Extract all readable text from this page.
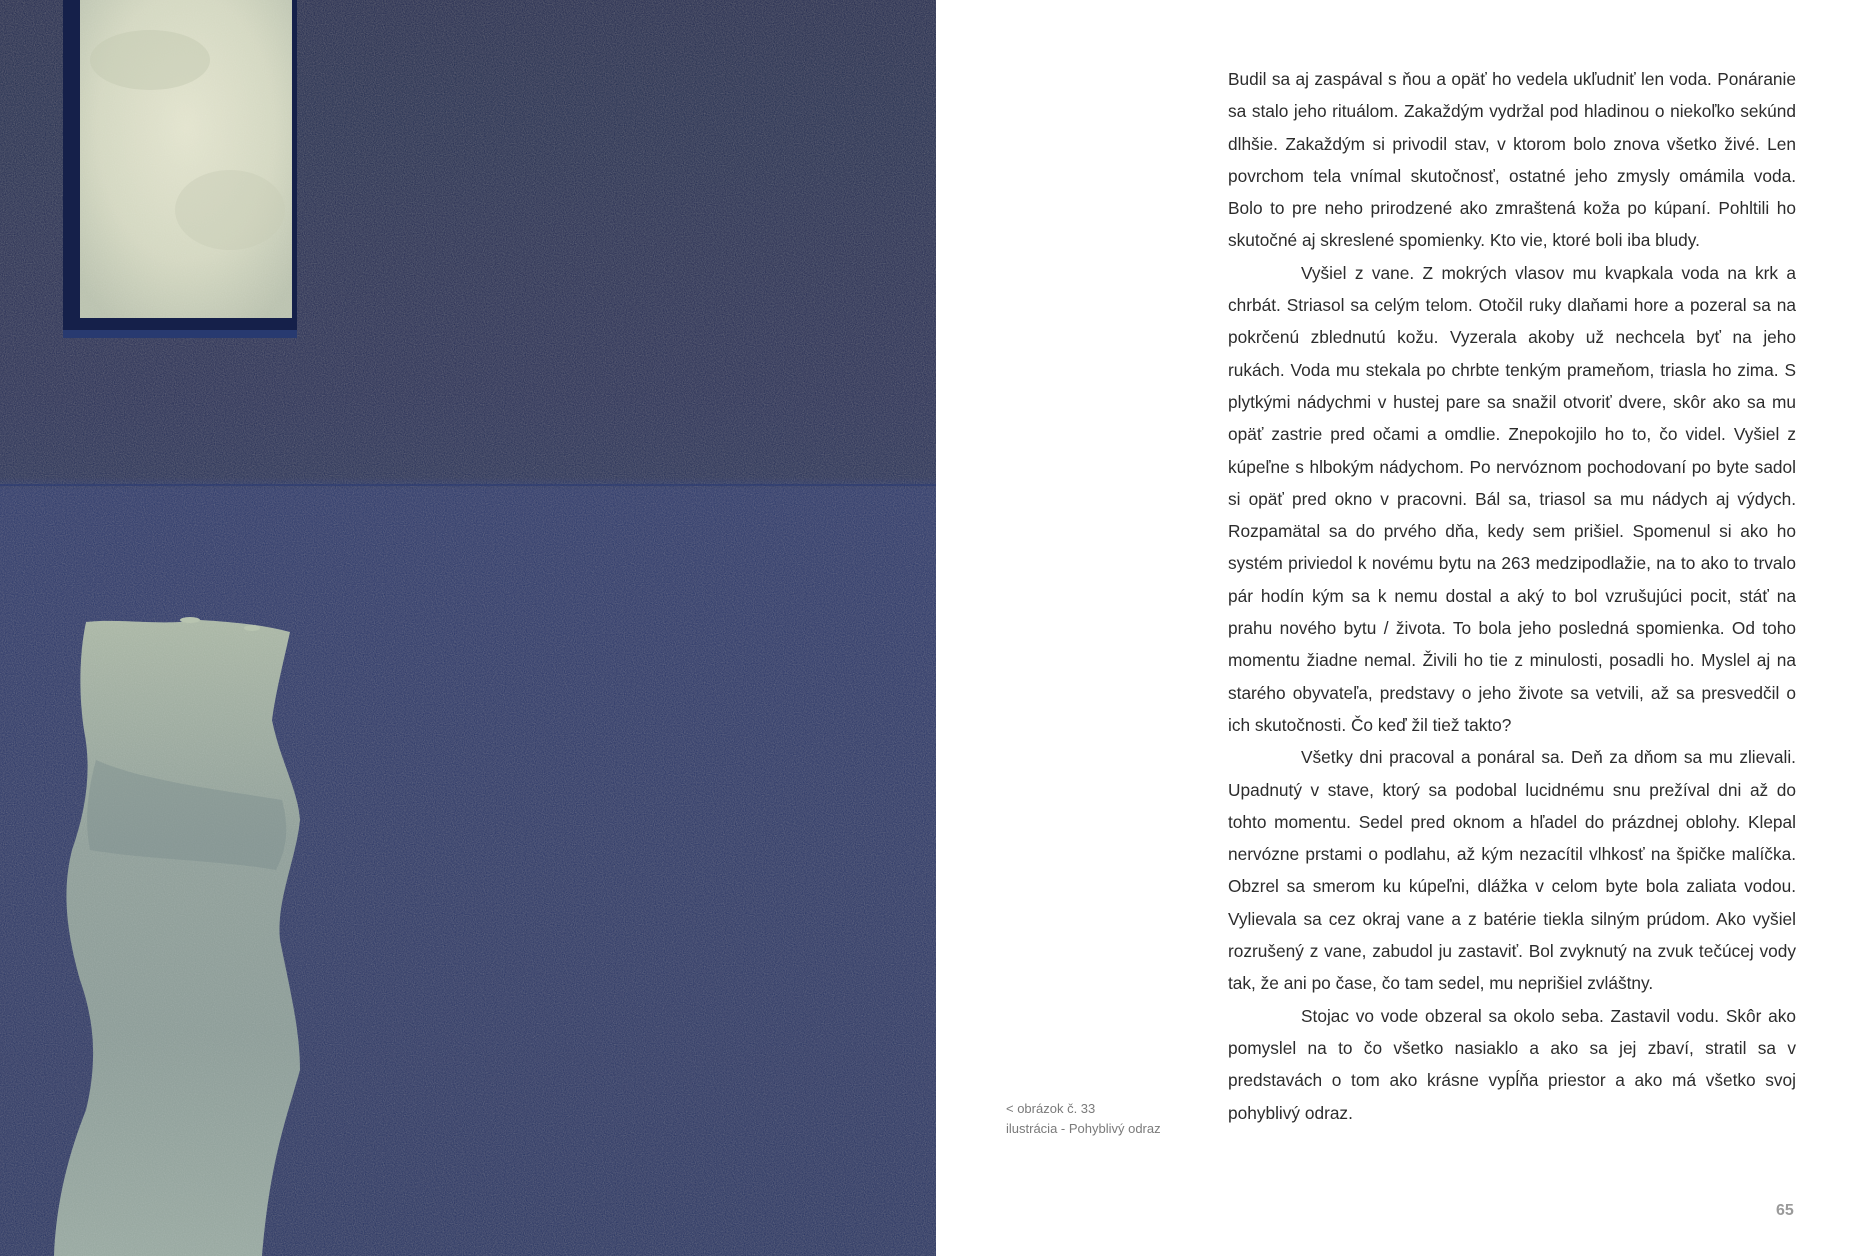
< obrázok č. 33
ilustrácia - Pohyblivý odraz

Budil sa aj zaspával s ňou a opäť ho vedela ukľudniť len voda. Ponáranie sa stalo jeho rituálom. Zakaždým vydržal pod hladinou o niekoľko sekúnd dlhšie. Zakaždým si privodil stav, v ktorom bolo znova všetko živé. Len povrchom tela vnímal skutočnosť, ostatné jeho zmysly omámila voda. Bolo to pre neho prirodzené ako zmraštená koža po kúpaní. Pohltili ho skutočné aj skreslené spomienky. Kto vie, ktoré boli iba bludy.

Vyšiel z vane. Z mokrých vlasov mu kvapkala voda na krk a chrbát. Striasol sa celým telom. Otočil ruky dlaňami hore a pozeral sa na pokrčenú zblednutú kožu. Vyzerala akoby už nechcela byť na jeho rukách. Voda mu stekala po chrbte tenkým prameňom, triasla ho zima. S plytkými nádychmi v hustej pare sa snažil otvoriť dvere, skôr ako sa mu opäť zastrie pred očami a omdlie. Znepokojilo ho to, čo videl. Vyšiel z kúpeľne s hlbokým nádychom. Po nervóznom pochodovaní po byte sadol si opäť pred okno v pracovni. Bál sa, triasol sa mu nádych aj výdych. Rozpamätal sa do prvého dňa, kedy sem prišiel. Spomenul si ako ho systém priviedol k novému bytu na 263 medzipodlažie, na to ako to trvalo pár hodín kým sa k nemu dostal a aký to bol vzrušujúci pocit, stáť na prahu nového bytu / života. To bola jeho posledná spomienka. Od toho momentu žiadne nemal. Živili ho tie z minulosti, posadli ho. Myslel aj na starého obyvateľa, predstavy o jeho živote sa vetvili, až sa presvedčil o ich skutočnosti. Čo keď žil tiež takto?

Všetky dni pracoval a ponáral sa. Deň za dňom sa mu zlievali. Upadnutý v stave, ktorý sa podobal lucidnému snu prežíval dni až do tohto momentu. Sedel pred oknom a hľadel do prázdnej oblohy. Klepal nervózne prstami o podlahu, až kým nezacítil vlhkosť na špičke malíčka. Obzrel sa smerom ku kúpeľni, dlážka v celom byte bola zaliata vodou. Vylievala sa cez okraj vane a z batérie tiekla silným prúdom. Ako vyšiel rozrušený z vane, zabudol ju zastaviť. Bol zvyknutý na zvuk tečúcej vody tak, že ani po čase, čo tam sedel, mu neprišiel zvláštny.

Stojac vo vode obzeral sa okolo seba. Zastavil vodu. Skôr ako pomyslel na to čo všetko nasiaklo a ako sa jej zbaví, stratil sa v predstavách o tom ako krásne vypĺňa priestor a ako má všetko svoj pohyblivý odraz.

65
